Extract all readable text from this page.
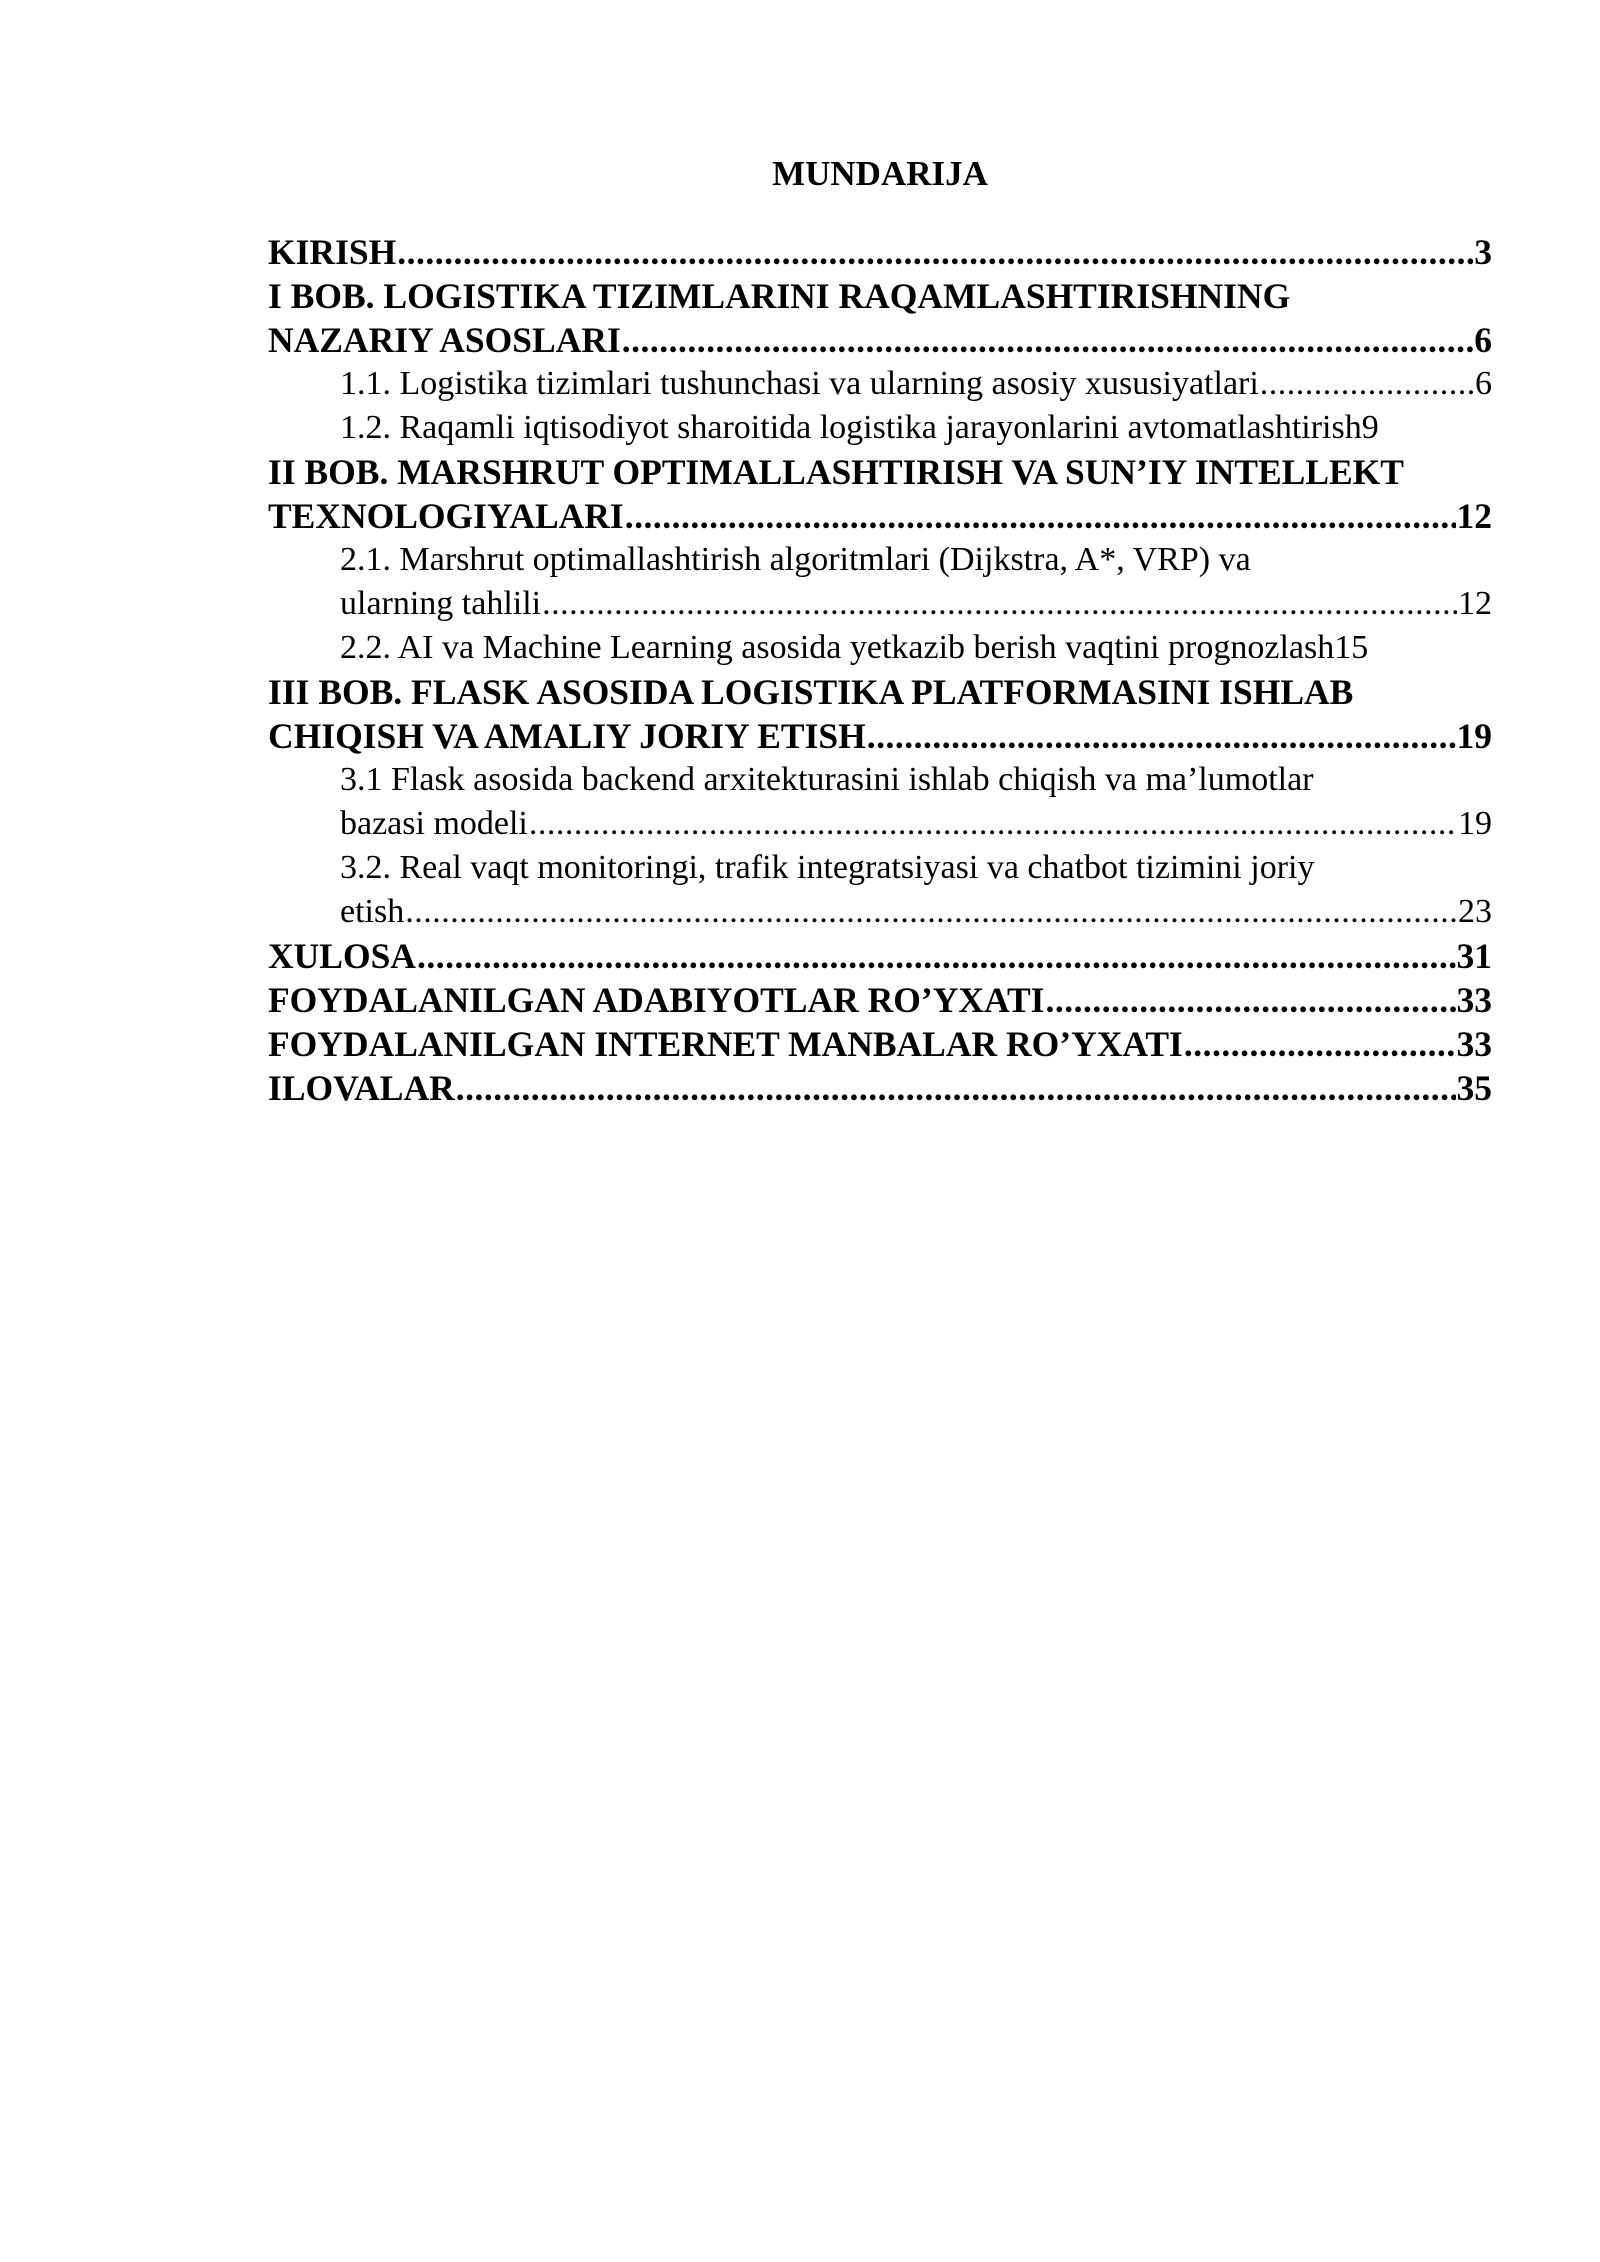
MUNDARIJA
KIRISH .....	3
I BOB. LOGISTIKA TIZIMLARINI RAQAMLASHTIRISHNING
NAZARIY ASOSLARI .....	6
1.1. Logistika tizimlari tushunchasi va ularning asosiy xususiyatlari .....	6
1.2. Raqamli iqtisodiyot sharoitida logistika jarayonlarini avtomatlashtirish 9
II BOB. MARSHRUT OPTIMALLASHTIRISH VA SUN’IY INTELLEKT
TEXNOLOGIYALARI .....	12
2.1. Marshrut optimallashtirish algoritmlari (Dijkstra, A*, VRP) va
ularning tahlili .....	12
2.2. AI va Machine Learning asosida yetkazib berish vaqtini prognozlash 15
III BOB. FLASK ASOSIDA LOGISTIKA PLATFORMASINI ISHLAB
CHIQISH VA AMALIY JORIY ETISH .....	19
3.1 Flask asosida backend arxitekturasini ishlab chiqish va ma’lumotlar
bazasi modeli .....	19
3.2. Real vaqt monitoringi, trafik integratsiyasi va chatbot tizimini joriy
etish .....	23
XULOSA .....	31
FOYDALANILGAN ADABIYOTLAR RO’YXATI .....	33
FOYDALANILGAN INTERNET MANBALAR RO’YXATI .....	33
ILOVALAR .....	35
